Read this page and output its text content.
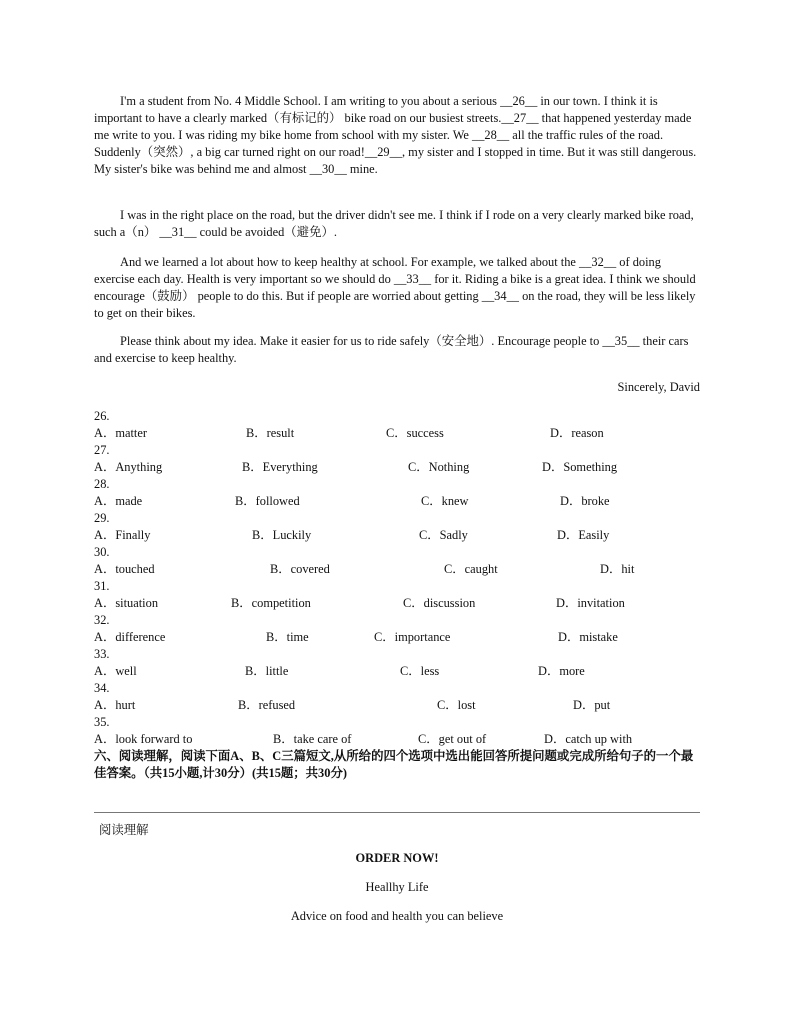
I'm a student from No. 4 Middle School. I am writing to you about a serious __26__ in our town. I think it is important to have a clearly marked（有标记的） bike road on our busiest streets.__27__ that happened yesterday made me write to you. I was riding my bike home from school with my sister. We __28__ all the traffic rules of the road. Suddenly（突然）, a big car turned right on our road!__29__, my sister and I stopped in time. But it was still dangerous. My sister's bike was behind me and almost __30__ mine.

I was in the right place on the road, but the driver didn't see me. I think if I rode on a very clearly marked bike road, such a（n） __31__ could be avoided（避免）.

And we learned a lot about how to keep healthy at school. For example, we talked about the __32__ of doing exercise each day. Health is very important so we should do __33__ for it. Riding a bike is a great idea. I think we should encourage（鼓励） people to do this. But if people are worried about getting __34__ on the road, they will be less likely to get on their bikes.

Please think about my idea. Make it easier for us to ride safely（安全地）. Encourage people to __35__ their cars and exercise to keep healthy.

Sincerely, David

26.
A．matter	B．result	C．success	D．reason
27.
A．Anything	B．Everything	C．Nothing	D．Something
28.
A．made	B．followed	C．knew	D．broke
29.
A．Finally	B．Luckily	C．Sadly	D．Easily
30.
A．touched	B．covered	C．caught	D．hit
31.
A．situation	B．competition	C．discussion	D．invitation
32.
A．difference	B．time	C．importance	D．mistake
33.
A．well	B．little	C．less	D．more
34.
A．hurt	B．refused	C．lost	D．put
35.
A．look forward to	B．take care of	C．get out of	D．catch up with
六、阅读理解，阅读下面A、B、C三篇短文,从所给的四个选项中选出能回答所提问题或完成所给句子的一个最佳答案。（共15小题,计30分）(共15题；共30分)
阅读理解
ORDER NOW!
Heallhy Life
Advice on food and health you can believe
